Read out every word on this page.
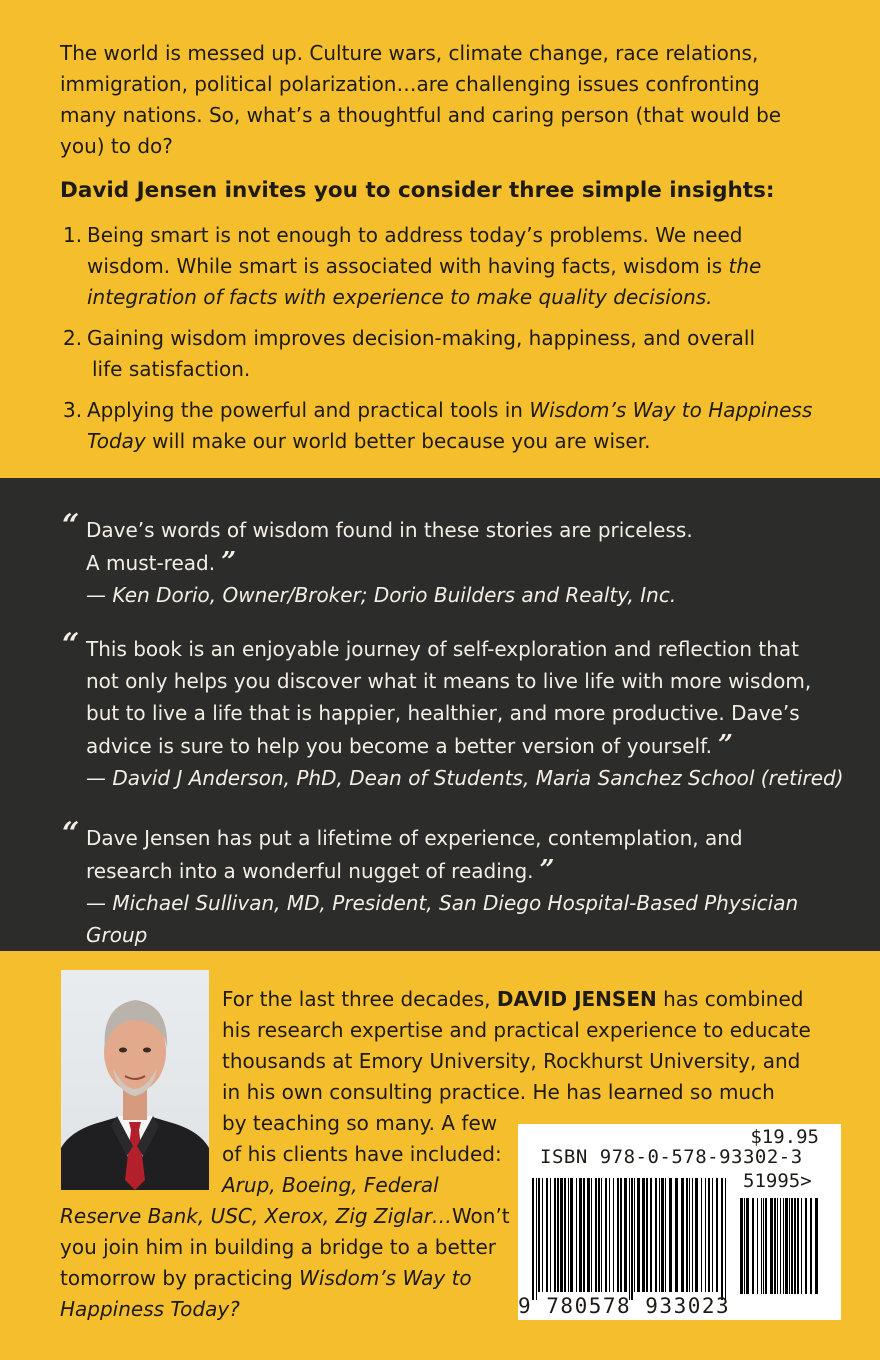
The world is messed up. Culture wars, climate change, race relations,
immigration, political polarization…are challenging issues confronting
many nations. So, what’s a thoughtful and caring person (that would be
you) to do?

David Jensen invites you to consider three simple insights:

1. Being smart is not enough to address today’s problems. We need
wisdom. While smart is associated with having facts, wisdom is the
integration of facts with experience to make quality decisions.
2. Gaining wisdom improves decision-making, happiness, and overall
life satisfaction.
3. Applying the powerful and practical tools in Wisdom’s Way to Happiness
Today will make our world better because you are wiser.
“ Dave’s words of wisdom found in these stories are priceless.
A must-read. ”
— Ken Dorio, Owner/Broker; Dorio Builders and Realty, Inc.
“ This book is an enjoyable journey of self-exploration and reflection that
not only helps you discover what it means to live life with more wisdom,
but to live a life that is happier, healthier, and more productive. Dave’s
advice is sure to help you become a better version of yourself. ”
— David J Anderson, PhD, Dean of Students, Maria Sanchez School (retired)
“ Dave Jensen has put a lifetime of experience, contemplation, and
research into a wonderful nugget of reading. ”
— Michael Sullivan, MD, President, San Diego Hospital-Based Physician Group
For the last three decades, DAVID JENSEN has combined
his research expertise and practical experience to educate
thousands at Emory University, Rockhurst University, and
in his own consulting practice. He has learned so much
by teaching so many. A few
of his clients have included:
Arup, Boeing, Federal
Reserve Bank, USC, Xerox, Zig Ziglar…Won’t
you join him in building a bridge to a better
tomorrow by practicing Wisdom’s Way to
Happiness Today?
$19.95
ISBN 978-0-578-93302-3
51995>
9 780578 933023
